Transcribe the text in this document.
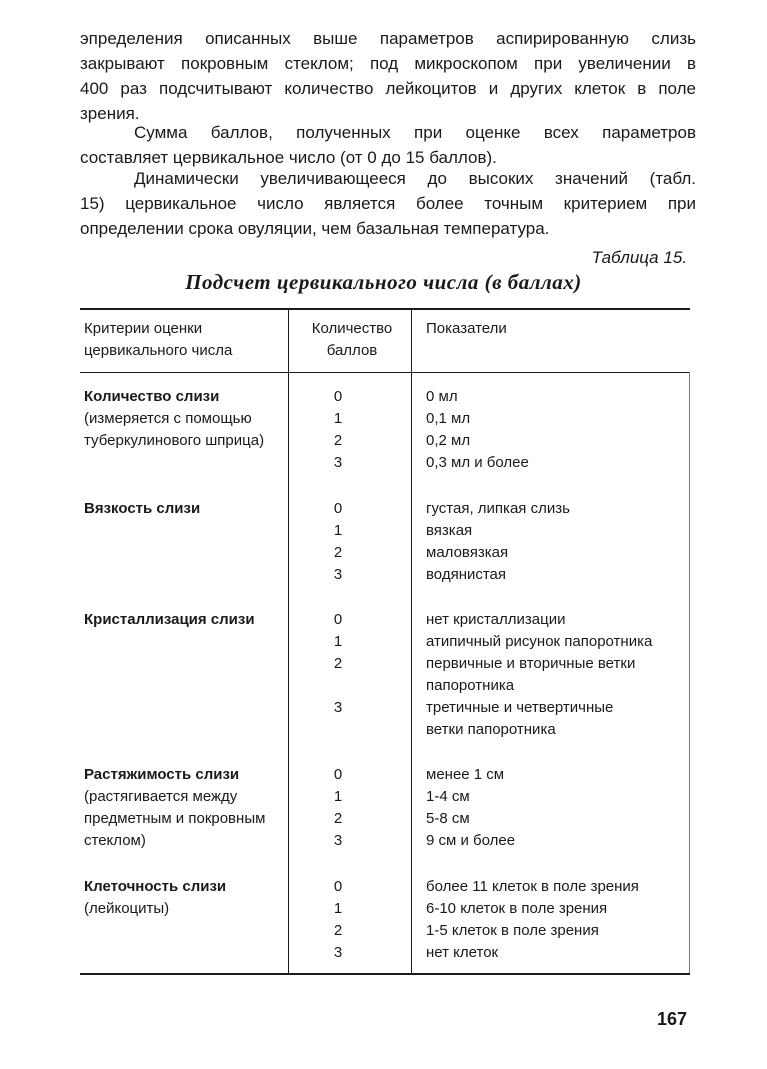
эпределения описанных выше параметров аспирированную слизь
закрывают покровным стеклом; под микроскопом при увеличении в
400 раз подсчитывают количество лейкоцитов и других клеток в поле
зрения.

Сумма баллов, полученных при оценке всех параметров
составляет цервикальное число (от 0 до 15 баллов).

Динамически увеличивающееся до высоких значений (табл.
15) цервикальное число является более точным критерием при
определении срока овуляции, чем базальная температура.

Таблица 15.

Подсчет цервикального числа (в баллах)

Критерии оценки
цервикального числа
Количество
баллов
Показатели
Количество слизи
(измеряется с помощью
туберкулинового шприца)
0
1
2
3
0 мл
0,1 мл
0,2 мл
0,3 мл и более
Вязкость слизи	0
1
2
3
густая, липкая слизь
вязкая
маловязкая
водянистая
Кристаллизация слизи	0
1
2
3
нет кристаллизации
атипичный рисунок папоротника
первичные и вторичные ветки
папоротника
третичные и четвертичные
ветки папоротника
Растяжимость слизи
(растягивается между
предметным и покровным
стеклом)
0
1
2
3
менее 1 см
1-4 см
5-8 см
9 см и более
Клеточность слизи
(лейкоциты)
0
1
2
3
более 11 клеток в поле зрения
6-10 клеток в поле зрения
1-5 клеток в поле зрения
нет клеток

167
